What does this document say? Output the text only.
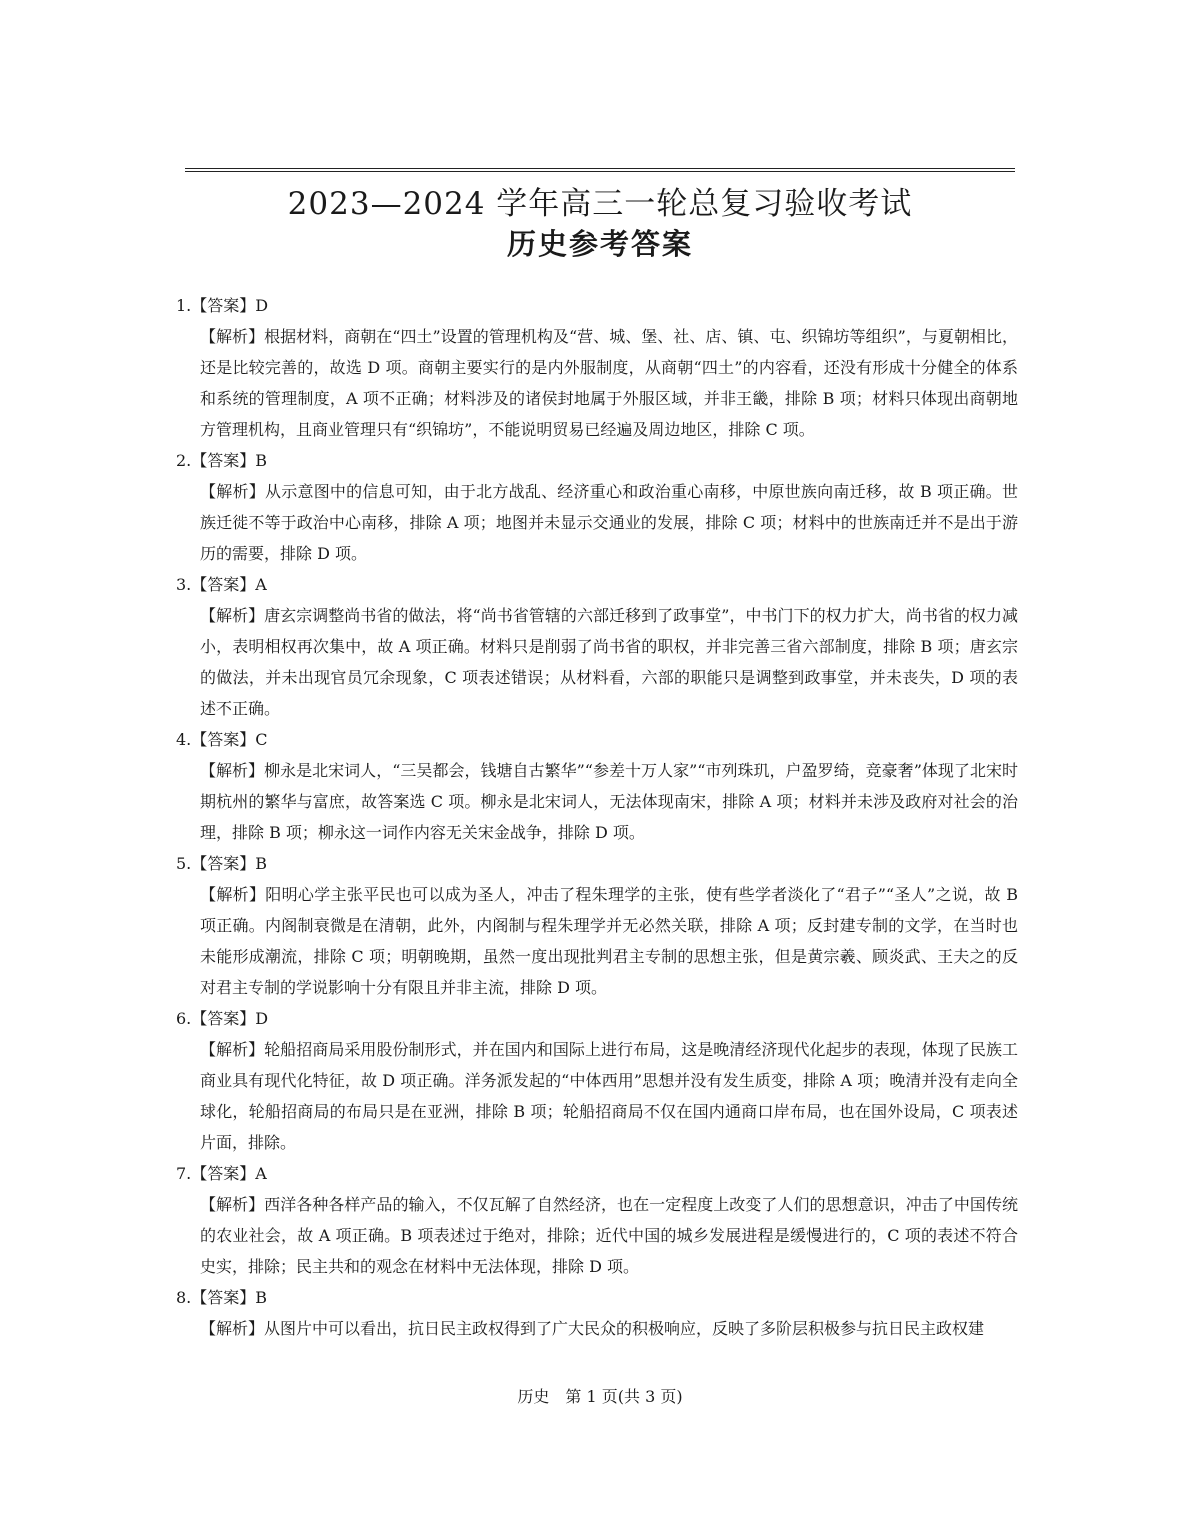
2023—2024 学年高三一轮总复习验收考试
历史参考答案
1.【答案】D
【解析】根据材料，商朝在“四土”设置的管理机构及“营、城、堡、社、店、镇、屯、织锦坊等组织”，与夏朝相比，还是比较完善的，故选 D 项。商朝主要实行的是内外服制度，从商朝“四土”的内容看，还没有形成十分健全的体系和系统的管理制度，A 项不正确；材料涉及的诸侯封地属于外服区域，并非王畿，排除 B 项；材料只体现出商朝地方管理机构，且商业管理只有“织锦坊”，不能说明贸易已经遍及周边地区，排除 C 项。
2.【答案】B
【解析】从示意图中的信息可知，由于北方战乱、经济重心和政治重心南移，中原世族向南迁移，故 B 项正确。世族迁徙不等于政治中心南移，排除 A 项；地图并未显示交通业的发展，排除 C 项；材料中的世族南迁并不是出于游历的需要，排除 D 项。
3.【答案】A
【解析】唐玄宗调整尚书省的做法，将“尚书省管辖的六部迁移到了政事堂”，中书门下的权力扩大，尚书省的权力减小，表明相权再次集中，故 A 项正确。材料只是削弱了尚书省的职权，并非完善三省六部制度，排除 B 项；唐玄宗的做法，并未出现官员冗余现象，C 项表述错误；从材料看，六部的职能只是调整到政事堂，并未丧失，D 项的表述不正确。
4.【答案】C
【解析】柳永是北宋词人，“三吴都会，钱塘自古繁华”“参差十万人家”“市列珠玑，户盈罗绮，竞豪奢”体现了北宋时期杭州的繁华与富庶，故答案选 C 项。柳永是北宋词人，无法体现南宋，排除 A 项；材料并未涉及政府对社会的治理，排除 B 项；柳永这一词作内容无关宋金战争，排除 D 项。
5.【答案】B
【解析】阳明心学主张平民也可以成为圣人，冲击了程朱理学的主张，使有些学者淡化了“君子”“圣人”之说，故 B 项正确。内阁制衰微是在清朝，此外，内阁制与程朱理学并无必然关联，排除 A 项；反封建专制的文学，在当时也未能形成潮流，排除 C 项；明朝晚期，虽然一度出现批判君主专制的思想主张，但是黄宗羲、顾炎武、王夫之的反对君主专制的学说影响十分有限且并非主流，排除 D 项。
6.【答案】D
【解析】轮船招商局采用股份制形式，并在国内和国际上进行布局，这是晚清经济现代化起步的表现，体现了民族工商业具有现代化特征，故 D 项正确。洋务派发起的“中体西用”思想并没有发生质变，排除 A 项；晚清并没有走向全球化，轮船招商局的布局只是在亚洲，排除 B 项；轮船招商局不仅在国内通商口岸布局，也在国外设局，C 项表述片面，排除。
7.【答案】A
【解析】西洋各种各样产品的输入，不仅瓦解了自然经济，也在一定程度上改变了人们的思想意识，冲击了中国传统的农业社会，故 A 项正确。B 项表述过于绝对，排除；近代中国的城乡发展进程是缓慢进行的，C 项的表述不符合史实，排除；民主共和的观念在材料中无法体现，排除 D 项。
8.【答案】B
【解析】从图片中可以看出，抗日民主政权得到了广大民众的积极响应，反映了多阶层积极参与抗日民主政权建
历史　第 1 页(共 3 页)
